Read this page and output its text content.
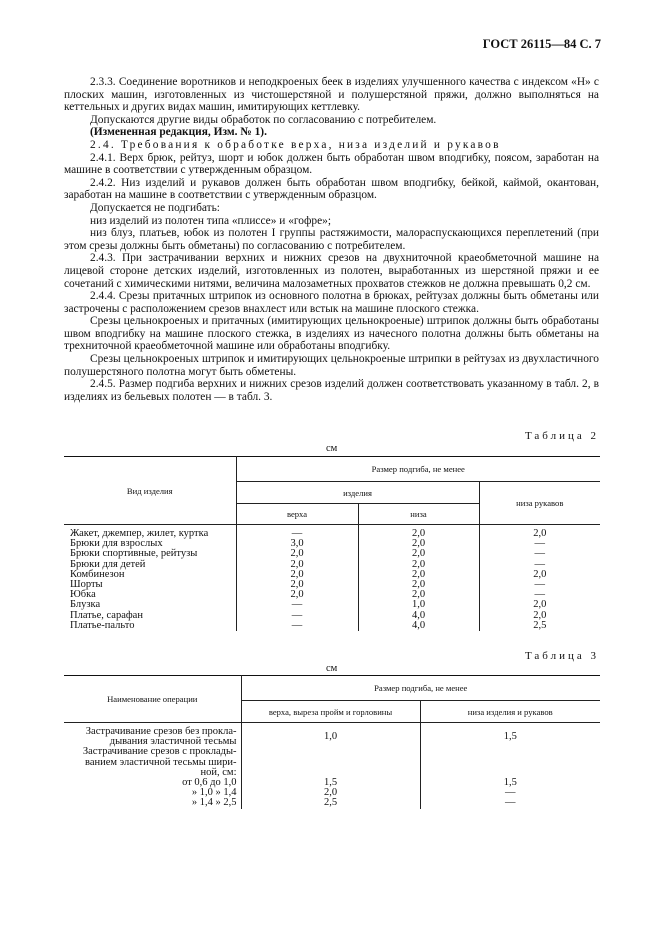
ГОСТ 26115—84 С. 7

2.3.3. Соединение воротников и неподкроеных беек в изделиях улучшенного качества с индексом «Н» с плоских машин, изготовленных из чистошерстяной и полушерстяной пряжи, должно выполняться на кеттельных и других видах машин, имитирующих кеттлевку.

Допускаются другие виды обработок по согласованию с потребителем.

(Измененная редакция, Изм. № 1).

2.4. Требования к обработке верха, низа изделий и рукавов

2.4.1. Верх брюк, рейтуз, шорт и юбок должен быть обработан швом вподгибку, поясом, заработан на машине в соответствии с утвержденным образцом.

2.4.2. Низ изделий и рукавов должен быть обработан швом вподгибку, бейкой, каймой, окантован, заработан на машине в соответствии с утвержденным образцом.

Допускается не подгибать:

низ изделий из полотен типа «плиссе» и «гофре»;

низ блуз, платьев, юбок из полотен I группы растяжимости, малораспускающихся переплетений (при этом срезы должны быть обметаны) по согласованию с потребителем.

2.4.3. При застрачивании верхних и нижних срезов на двухниточной краеобметочной машине на лицевой стороне детских изделий, изготовленных из полотен, выработанных из шерстяной пряжи и ее сочетаний с химическими нитями, величина малозаметных прохватов стежков не должна превышать 0,2 см.

2.4.4. Срезы притачных штрипок из основного полотна в брюках, рейтузах должны быть обметаны или застрочены с расположением срезов внахлест или встык на машине плоского стежка.

Срезы цельнокроеных и притачных (имитирующих цельнокроеные) штрипок должны быть обработаны швом вподгибку на машине плоского стежка, в изделиях из начесного полотна должны быть обметаны на трехниточной краеобметочной машине или обработаны вподгибку.

Срезы цельнокроеных штрипок и имитирующих цельнокроеные штрипки в рейтузах из двухластичного полушерстяного полотна могут быть обметены.

2.4.5. Размер подгиба верхних и нижних срезов изделий должен соответствовать указанному в табл. 2, в изделиях из бельевых полотен — в табл. 3.

Таблица 2
см
Вид изделия	Размер подгиба, не менее		
	изделия		низа рукавов
	верха	низа	
Жакет, джемпер, жилет, куртка	—	2,0	2,0
Брюки для взрослых	3,0	2,0	—
Брюки спортивные, рейтузы	2,0	2,0	—
Брюки для детей	2,0	2,0	—
Комбинезон	2,0	2,0	2,0
Шорты	2,0	2,0	—
Юбка	2,0	2,0	—
Блузка	—	1,0	2,0
Платье, сарафан	—	4,0	2,0
Платье-пальто	—	4,0	2,5
Таблица 3
см
Наименование операции	Размер подгиба, не менее	
	верха, выреза пройм и горловины	низа изделия и рукавов

Застрачивание срезов без прокла-
дывания эластичной тесьмы	1,0	1,5

Застрачивание срезов с проклады-
ванием эластичной тесьмы шири-
ной, см:		

от 0,6 до 1,0	1,5	1,5

» 1,0 » 1,4	2,0	—

» 1,4 » 2,5	2,5	—
